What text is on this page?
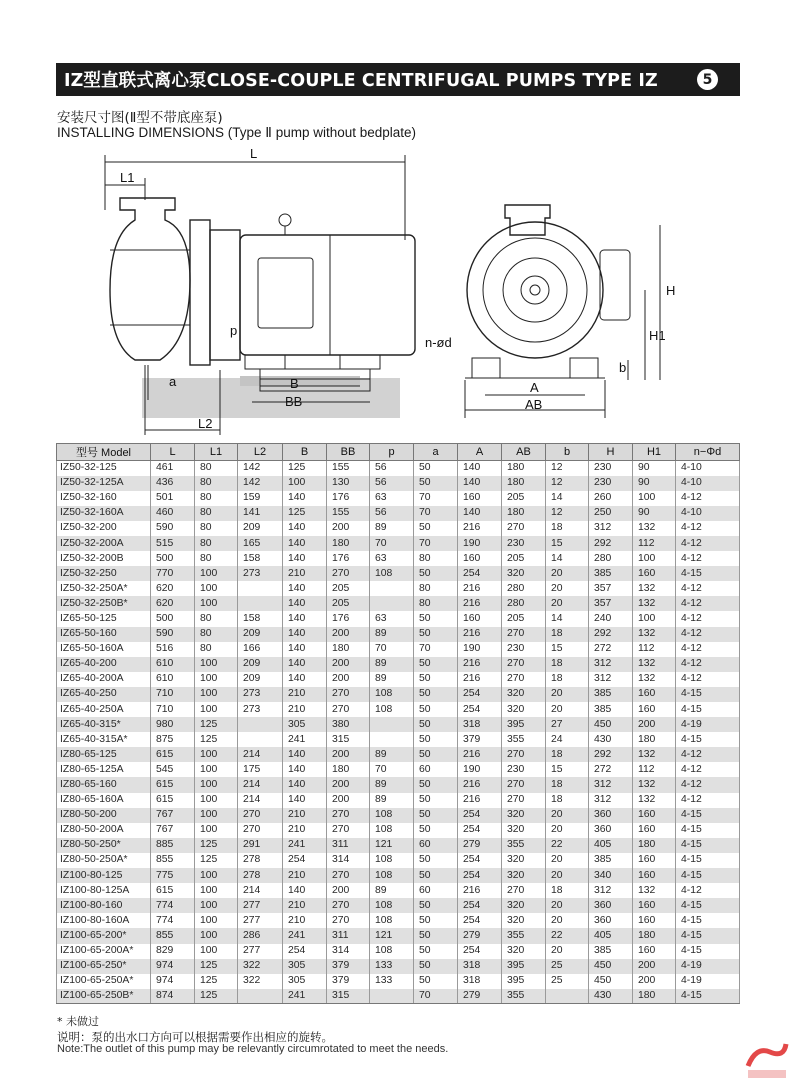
IZ型直联式离心泵CLOSE-COUPLE CENTRIFUGAL PUMPS TYPE IZ	5
安装尺寸图(Ⅱ型不带底座泵)
INSTALLING DIMENSIONS (Type Ⅱ pump without bedplate)
L
L1
p
a	B
BB
L2
n-ød
A
AB
H
H1
b
型号 Model	L	L1	L2	B	BB	p	a	A	AB	b	H	H1	n−Φd
IZ50-32-125	461	80	142	125	155	56	50	140	180	12	230	90	4-10
IZ50-32-125A	436	80	142	100	130	56	50	140	180	12	230	90	4-10
IZ50-32-160	501	80	159	140	176	63	70	160	205	14	260	100	4-12
IZ50-32-160A	460	80	141	125	155	56	70	140	180	12	250	90	4-10
IZ50-32-200	590	80	209	140	200	89	50	216	270	18	312	132	4-12
IZ50-32-200A	515	80	165	140	180	70	70	190	230	15	292	112	4-12
IZ50-32-200B	500	80	158	140	176	63	80	160	205	14	280	100	4-12
IZ50-32-250	770	100	273	210	270	108	50	254	320	20	385	160	4-15
IZ50-32-250A*	620	100		140	205		80	216	280	20	357	132	4-12
IZ50-32-250B*	620	100		140	205		80	216	280	20	357	132	4-12
IZ65-50-125	500	80	158	140	176	63	50	160	205	14	240	100	4-12
IZ65-50-160	590	80	209	140	200	89	50	216	270	18	292	132	4-12
IZ65-50-160A	516	80	166	140	180	70	70	190	230	15	272	112	4-12
IZ65-40-200	610	100	209	140	200	89	50	216	270	18	312	132	4-12
IZ65-40-200A	610	100	209	140	200	89	50	216	270	18	312	132	4-12
IZ65-40-250	710	100	273	210	270	108	50	254	320	20	385	160	4-15
IZ65-40-250A	710	100	273	210	270	108	50	254	320	20	385	160	4-15
IZ65-40-315*	980	125		305	380		50	318	395	27	450	200	4-19
IZ65-40-315A*	875	125		241	315		50	379	355	24	430	180	4-15
IZ80-65-125	615	100	214	140	200	89	50	216	270	18	292	132	4-12
IZ80-65-125A	545	100	175	140	180	70	60	190	230	15	272	112	4-12
IZ80-65-160	615	100	214	140	200	89	50	216	270	18	312	132	4-12
IZ80-65-160A	615	100	214	140	200	89	50	216	270	18	312	132	4-12
IZ80-50-200	767	100	270	210	270	108	50	254	320	20	360	160	4-15
IZ80-50-200A	767	100	270	210	270	108	50	254	320	20	360	160	4-15
IZ80-50-250*	885	125	291	241	311	121	60	279	355	22	405	180	4-15
IZ80-50-250A*	855	125	278	254	314	108	50	254	320	20	385	160	4-15
IZ100-80-125	775	100	278	210	270	108	50	254	320	20	340	160	4-15
IZ100-80-125A	615	100	214	140	200	89	60	216	270	18	312	132	4-12
IZ100-80-160	774	100	277	210	270	108	50	254	320	20	360	160	4-15
IZ100-80-160A	774	100	277	210	270	108	50	254	320	20	360	160	4-15
IZ100-65-200*	855	100	286	241	311	121	50	279	355	22	405	180	4-15
IZ100-65-200A*	829	100	277	254	314	108	50	254	320	20	385	160	4-15
IZ100-65-250*	974	125	322	305	379	133	50	318	395	25	450	200	4-19
IZ100-65-250A*	974	125	322	305	379	133	50	318	395	25	450	200	4-19
IZ100-65-250B*	874	125		241	315		70	279	355		430	180	4-15
* 未做过
说明：泵的出水口方向可以根据需要作出相应的旋转。
Note:The outlet of this pump may be relevantly circumrotated to meet the needs.
